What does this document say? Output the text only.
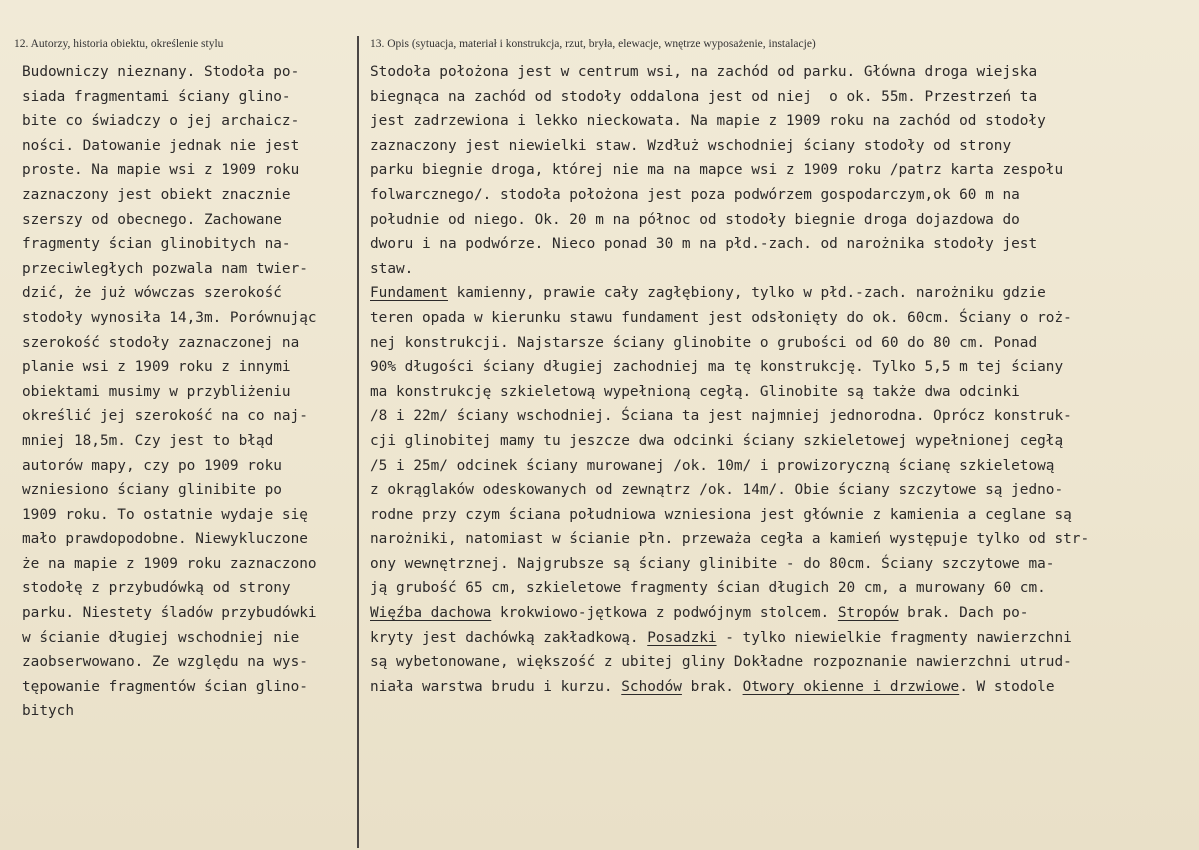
12. Autorzy, historia obiektu, określenie stylu	13. Opis (sytuacja, materiał i konstrukcja, rzut, bryła, elewacje, wnętrze wyposażenie, instalacje)
Budowniczy nieznany. Stodoła po-
siada fragmentami ściany glino-
bite co świadczy o jej archaicz-
ności. Datowanie jednak nie jest
proste. Na mapie wsi z 1909 roku
zaznaczony jest obiekt znacznie
szerszy od obecnego. Zachowane
fragmenty ścian glinobitych na-
przeciwległych pozwala nam twier-
dzić, że już wówczas szerokość
stodoły wynosiła 14,3m. Porównując
szerokość stodoły zaznaczonej na
planie wsi z 1909 roku z innymi
obiektami musimy w przybliżeniu
określić jej szerokość na co naj-
mniej 18,5m. Czy jest to błąd
autorów mapy, czy po 1909 roku
wzniesiono ściany glinibite po
1909 roku. To ostatnie wydaje się
mało prawdopodobne. Niewykluczone
że na mapie z 1909 roku zaznaczono
stodołę z przybudówką od strony
parku. Niestety śladów przybudówki
w ścianie długiej wschodniej nie
zaobserwowano. Ze względu na wys-
tępowanie fragmentów ścian glino-
bitych
Stodoła położona jest w centrum wsi, na zachód od parku. Główna droga wiejska
biegnąca na zachód od stodoły oddalona jest od niej  o ok. 55m. Przestrzeń ta
jest zadrzewiona i lekko nieckowata. Na mapie z 1909 roku na zachód od stodoły
zaznaczony jest niewielki staw. Wzdłuż wschodniej ściany stodoły od strony
parku biegnie droga, której nie ma na mapce wsi z 1909 roku /patrz karta zespołu
folwarcznego/. stodoła położona jest poza podwórzem gospodarczym,ok 60 m na
południe od niego. Ok. 20 m na północ od stodoły biegnie droga dojazdowa do
dworu i na podwórze. Nieco ponad 30 m na płd.-zach. od narożnika stodoły jest
staw.
Fundament kamienny, prawie cały zagłębiony, tylko w płd.-zach. narożniku gdzie
teren opada w kierunku stawu fundament jest odsłonięty do ok. 60cm. Ściany o roż-
nej konstrukcji. Najstarsze ściany glinobite o grubości od 60 do 80 cm. Ponad
90% długości ściany długiej zachodniej ma tę konstrukcję. Tylko 5,5 m tej ściany
ma konstrukcję szkieletową wypełnioną cegłą. Glinobite są także dwa odcinki
/8 i 22m/ ściany wschodniej. Ściana ta jest najmniej jednorodna. Oprócz konstruk-
cji glinobitej mamy tu jeszcze dwa odcinki ściany szkieletowej wypełnionej cegłą
/5 i 25m/ odcinek ściany murowanej /ok. 10m/ i prowizoryczną ścianę szkieletową
z okrąglaków odeskowanych od zewnątrz /ok. 14m/. Obie ściany szczytowe są jedno-
rodne przy czym ściana południowa wzniesiona jest głównie z kamienia a ceglane są
narożniki, natomiast w ścianie płn. przeważa cegła a kamień występuje tylko od str-
ony wewnętrznej. Najgrubsze są ściany glinibite - do 80cm. Ściany szczytowe ma-
ją grubość 65 cm, szkieletowe fragmenty ścian długich 20 cm, a murowany 60 cm.
Więźba dachowa krokwiowo-jętkowa z podwójnym stolcem. Stropów brak. Dach po-
kryty jest dachówką zakładkową. Posadzki - tylko niewielkie fragmenty nawierzchni
są wybetonowane, większość z ubitej gliny Dokładne rozpoznanie nawierzchni utrud-
niała warstwa brudu i kurzu. Schodów brak. Otwory okienne i drzwiowe. W stodole
